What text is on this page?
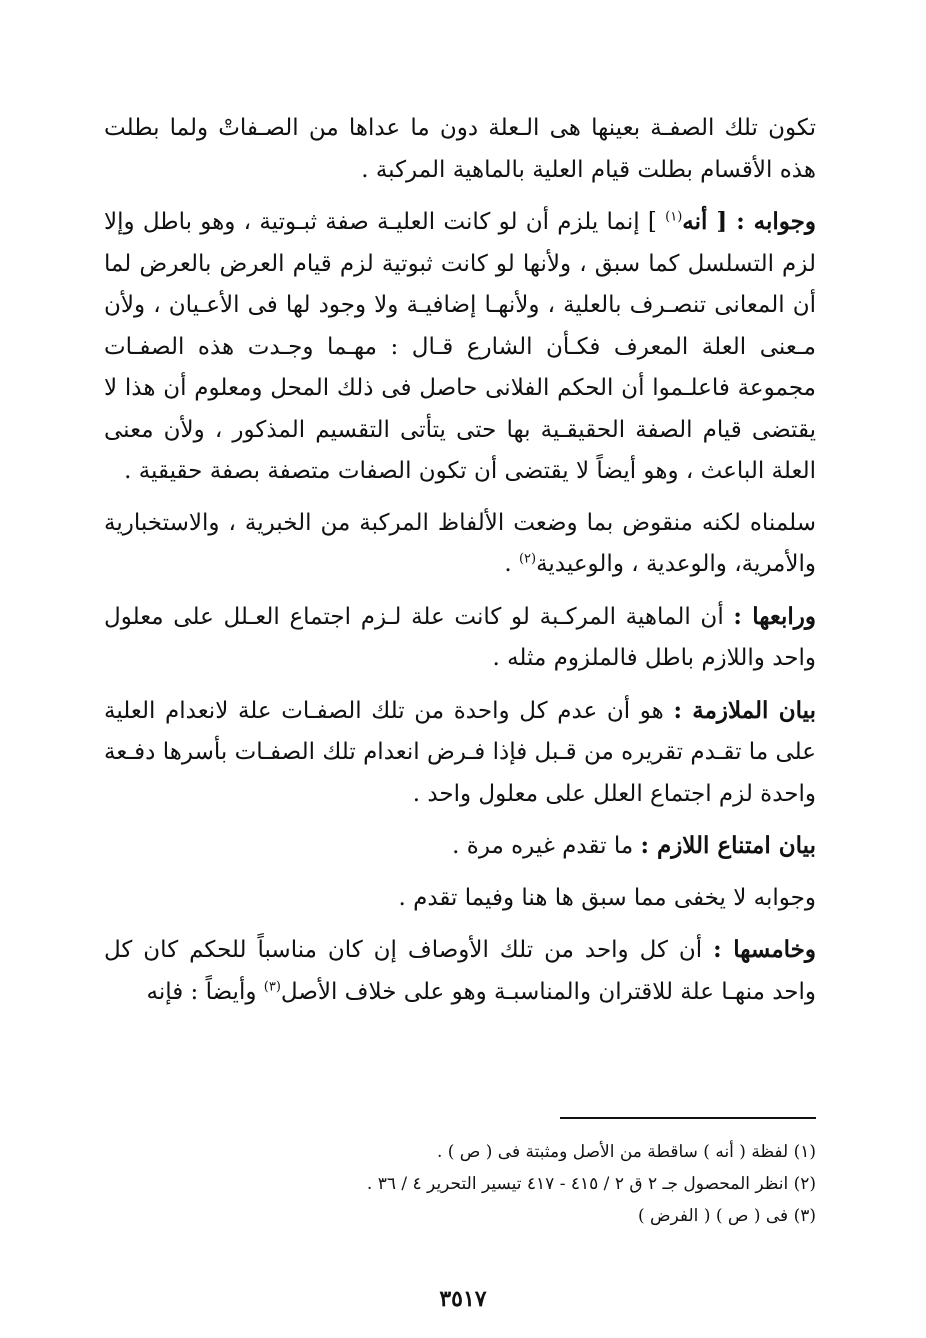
تكون تلك الصفـة بعينها هى الـعلة دون ما عداها من الصـفاتْ ولما بطلت هذه الأقسام بطلت قيام العلية بالماهية المركبة .

وجوابه : [ أنه$^{(١)}$ ] إنما يلزم أن لو كانت العليـة صفة ثبـوتية ، وهو باطل وإلا لزم التسلسل كما سبق ، ولأنها لو كانت ثبوتية لزم قيام العرض بالعرض لما أن المعانى تنصـرف بالعلية ، ولأنهـا إضافيـة ولا وجود لها فى الأعـيان ، ولأن مـعنى العلة المعرف فكـأن الشارع قـال : مهـما وجـدت هذه الصفـات مجموعة فاعلـموا أن الحكم الفلانى حاصل فى ذلك المحل ومعلوم أن هذا لا يقتضى قيام الصفة الحقيقـية بها حتى يتأتى التقسيم المذكور ، ولأن معنى العلة الباعث ، وهو أيضاً لا يقتضى أن تكون الصفات متصفة بصفة حقيقية .

سلمناه لكنه منقوض بما وضعت الألفاظ المركبة من الخبرية ، والاستخبارية والأمرية، والوعدية ، والوعيدية$^{(٢)}$ .

ورابعها : أن الماهية المركـبة لو كانت علة لـزم اجتماع العـلل على معلول واحد واللازم باطل فالملزوم مثله .

بيان الملازمة : هو أن عدم كل واحدة من تلك الصفـات علة لانعدام العلية على ما تقـدم تقريره من قـبل فإذا فـرض انعدام تلك الصفـات بأسرها دفـعة واحدة لزم اجتماع العلل على معلول واحد .

بيان امتناع اللازم : ما تقدم غيره مرة .

وجوابه لا يخفى مما سبق ها هنا وفيما تقدم .

وخامسها : أن كل واحد من تلك الأوصاف إن كان مناسباً للحكم كان كل واحد منهـا علة للاقتران والمناسبـة وهو على خلاف الأصل$^{(٣)}$ وأيضاً : فإنه

(١) لفظة ( أنه ) ساقطة من الأصل ومثبتة فى ( ص ) .

(٢) انظر المحصول جـ ٢ ق ٢ / ٤١٥ - ٤١٧ تيسير التحرير ٤ / ٣٦ .

(٣) فى ( ص ) ( الفرض )

٣٥١٧
